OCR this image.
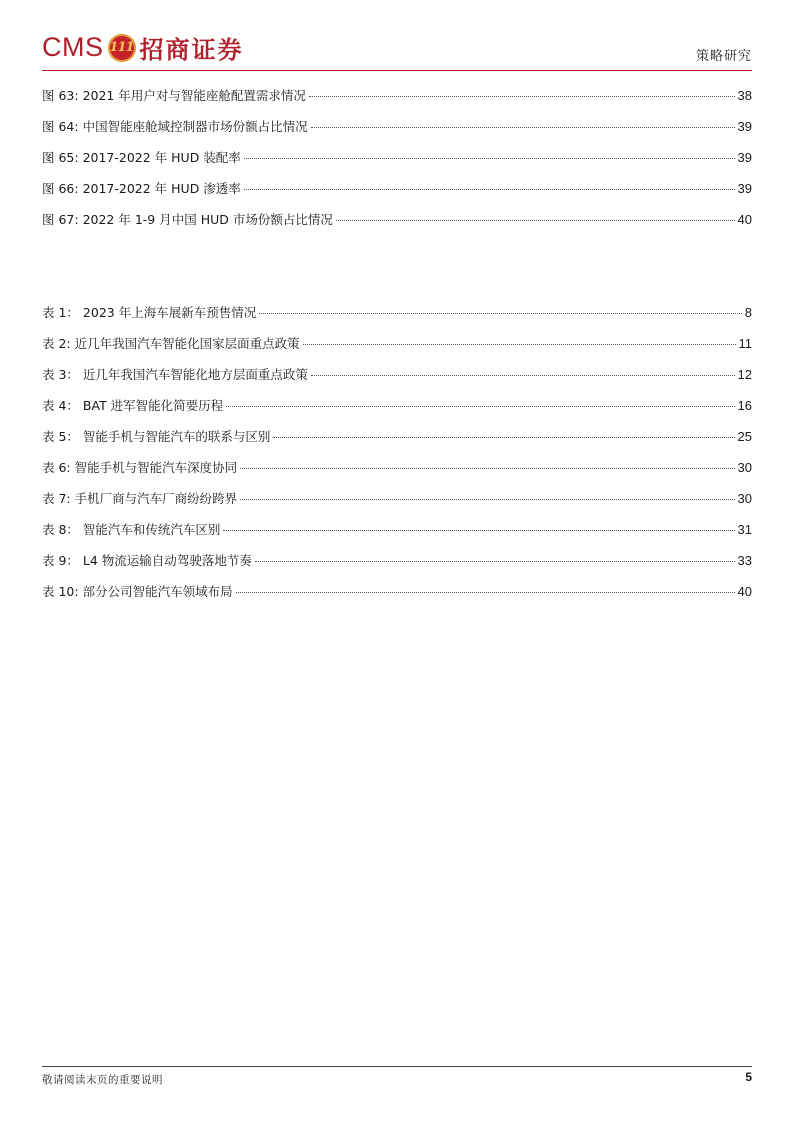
CMS 111 招商证券	策略研究
图 63:
2021 年用户对与智能座舱配置需求情况	38
图 64:
中国智能座舱域控制器市场份额占比情况	39
图 65:
2017-2022 年 HUD 装配率	39
图 66:
2017-2022 年 HUD 渗透率	39
图 67:
2022 年 1-9 月中国 HUD 市场份额占比情况	40
表 1：
2023 年上海车展新车预售情况	8
表 2:
近几年我国汽车智能化国家层面重点政策	11
表 3：
近几年我国汽车智能化地方层面重点政策	12
表 4：
BAT 进军智能化简要历程	16
表 5：
智能手机与智能汽车的联系与区别	25
表 6:
智能手机与智能汽车深度协同	30
表 7:
手机厂商与汽车厂商纷纷跨界	30
表 8：
智能汽车和传统汽车区别	31
表 9：
L4 物流运输自动驾驶落地节奏	33
表 10:
部分公司智能汽车领域布局	40
敬请阅读末页的重要说明	5
